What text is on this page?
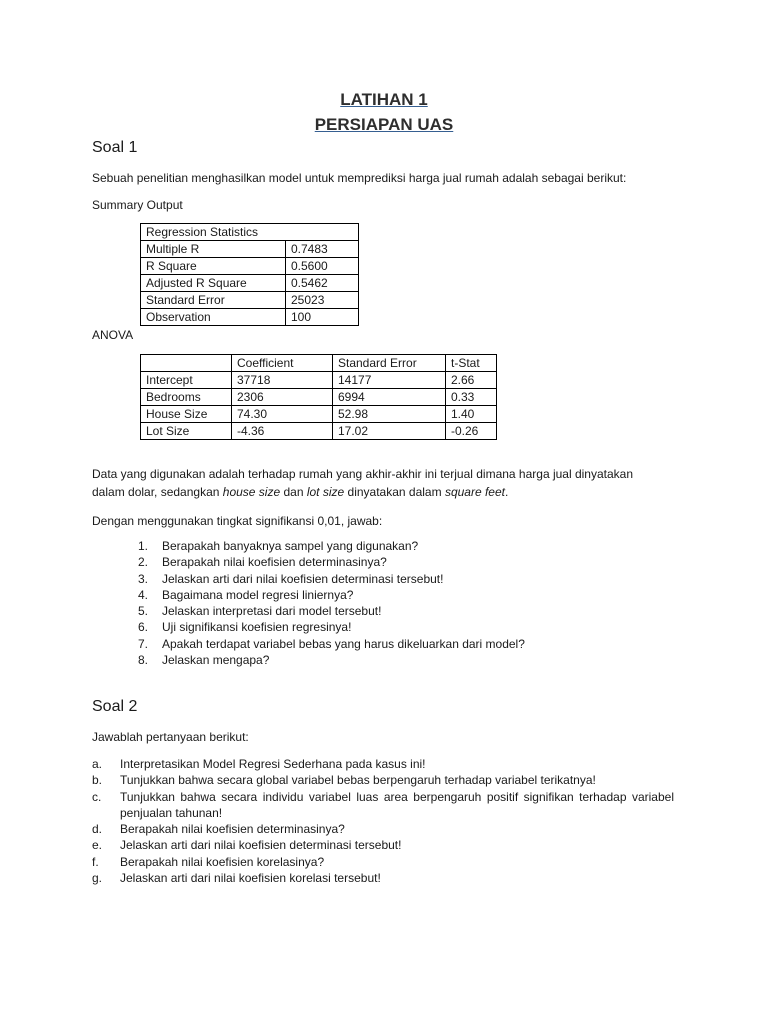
LATIHAN 1
PERSIAPAN UAS
Soal 1
Sebuah penelitian menghasilkan model untuk memprediksi harga jual rumah adalah sebagai berikut:
Summary Output
Regression Statistics	
Multiple R	0.7483
R Square	0.5600
Adjusted R Square	0.5462
Standard Error	25023
Observation	100
ANOVA
	Coefficient	Standard Error	t-Stat
Intercept	37718	14177	2.66
Bedrooms	2306	6994	0.33
House Size	74.30	52.98	1.40
Lot Size	-4.36	17.02	-0.26
Data yang digunakan adalah terhadap rumah yang akhir-akhir ini terjual dimana harga jual dinyatakan
dalam dolar, sedangkan house size dan lot size dinyatakan dalam square feet.
Dengan menggunakan tingkat signifikansi 0,01, jawab:
1. Berapakah banyaknya sampel yang digunakan?
2. Berapakah nilai koefisien determinasinya?
3. Jelaskan arti dari nilai koefisien determinasi tersebut!
4. Bagaimana model regresi liniernya?
5. Jelaskan interpretasi dari model tersebut!
6. Uji signifikansi koefisien regresinya!
7. Apakah terdapat variabel bebas yang harus dikeluarkan dari model?
8. Jelaskan mengapa?
Soal 2
Jawablah pertanyaan berikut:
a. Interpretasikan Model Regresi Sederhana pada kasus ini!
b. Tunjukkan bahwa secara global variabel bebas berpengaruh terhadap variabel terikatnya!
c. Tunjukkan bahwa secara individu variabel luas area berpengaruh positif signifikan terhadap variabel penjualan tahunan!
d. Berapakah nilai koefisien determinasinya?
e. Jelaskan arti dari nilai koefisien determinasi tersebut!
f. Berapakah nilai koefisien korelasinya?
g. Jelaskan arti dari nilai koefisien korelasi tersebut!
